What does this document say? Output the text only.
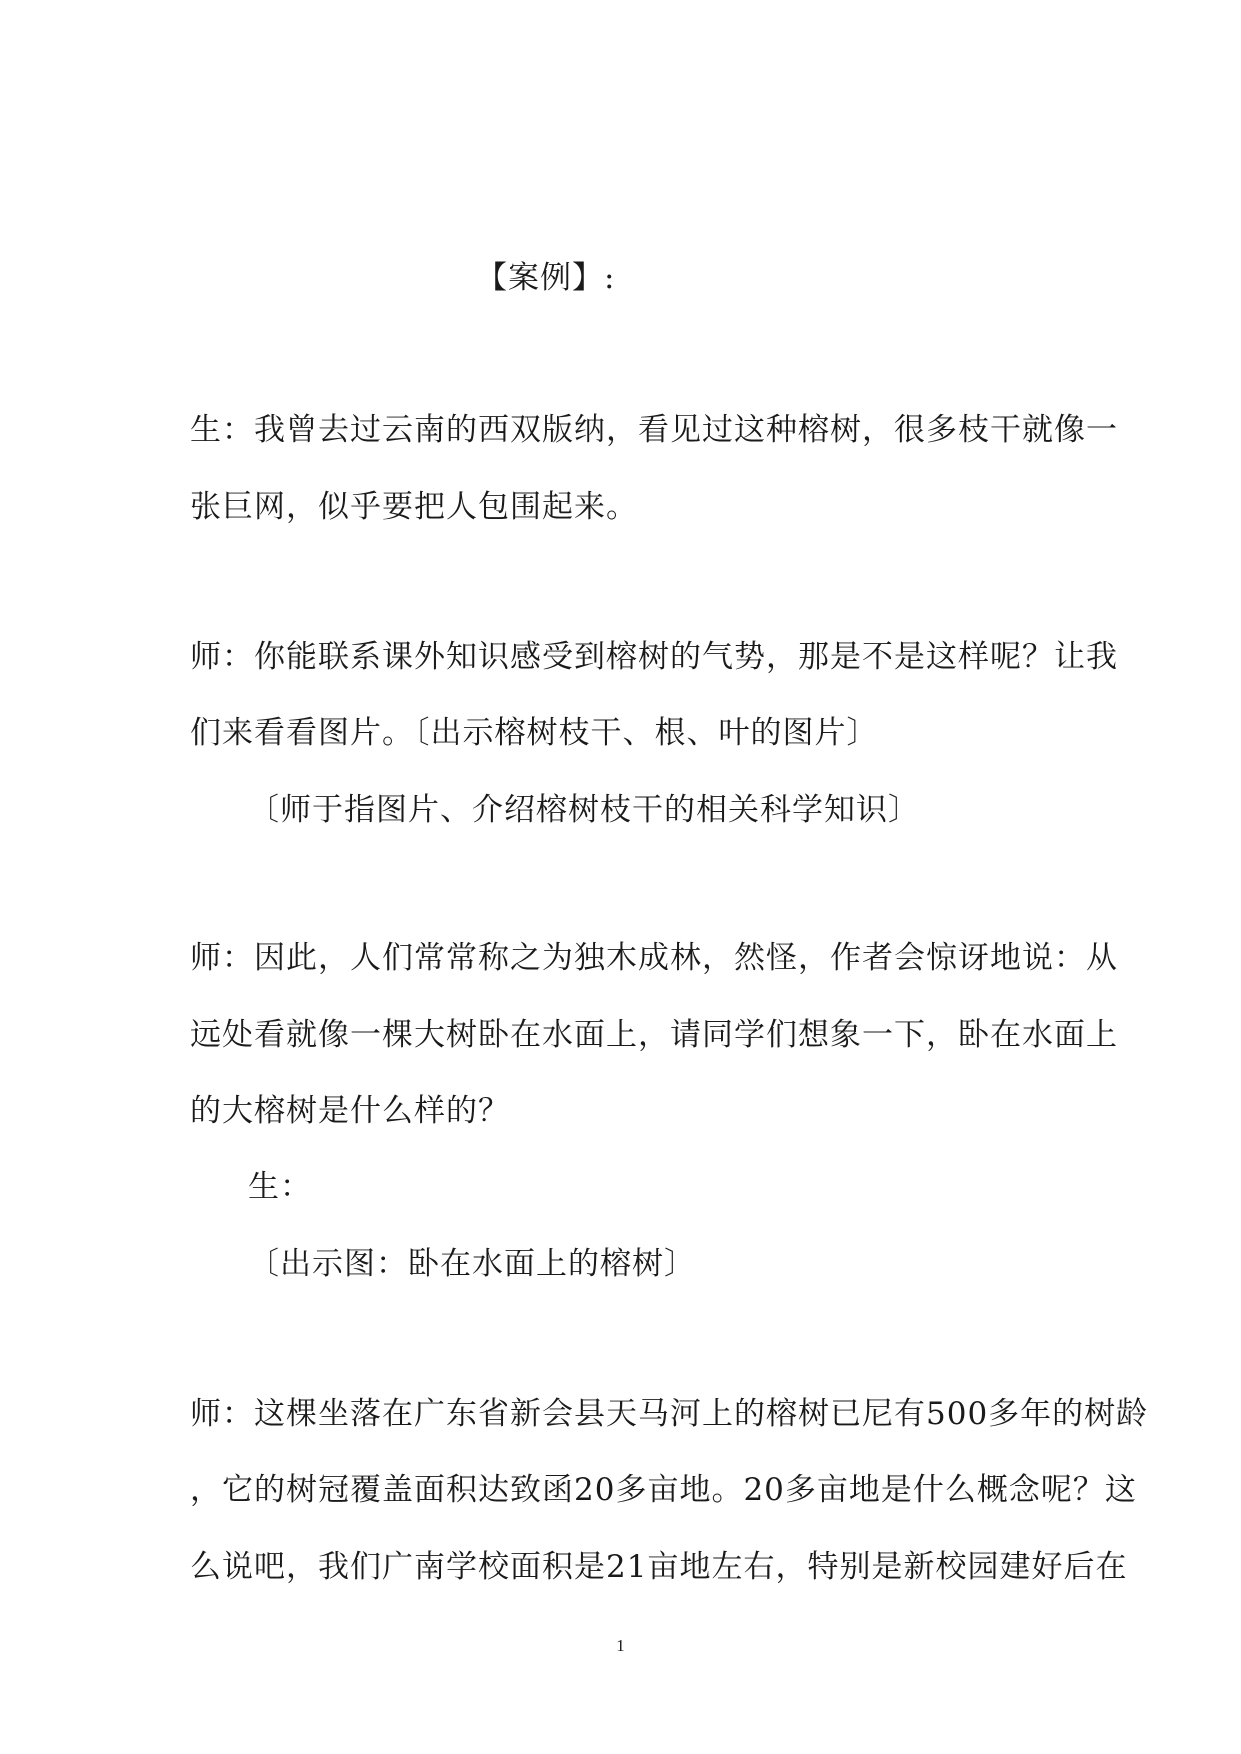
【案例】:
生：我曾去过云南的西双版纳，看见过这种榕树，很多枝干就像一
张巨网，似乎要把人包围起来。
师：你能联系课外知识感受到榕树的气势，那是不是这样呢？让我
们来看看图片。〔出示榕树枝干、根、叶的图片〕
〔师于指图片、介绍榕树枝干的相关科学知识〕
师：因此，人们常常称之为独木成林，然怪，作者会惊讶地说：从
远处看就像一棵大树卧在水面上，请同学们想象一下，卧在水面上
的大榕树是什么样的？
生：
〔出示图：卧在水面上的榕树〕
师：这棵坐落在广东省新会县天马河上的榕树已尼有500多年的树龄
，它的树冠覆盖面积达致函20多亩地。20多亩地是什么概念呢？这
么说吧，我们广南学校面积是21亩地左右，特别是新校园建好后在
1
